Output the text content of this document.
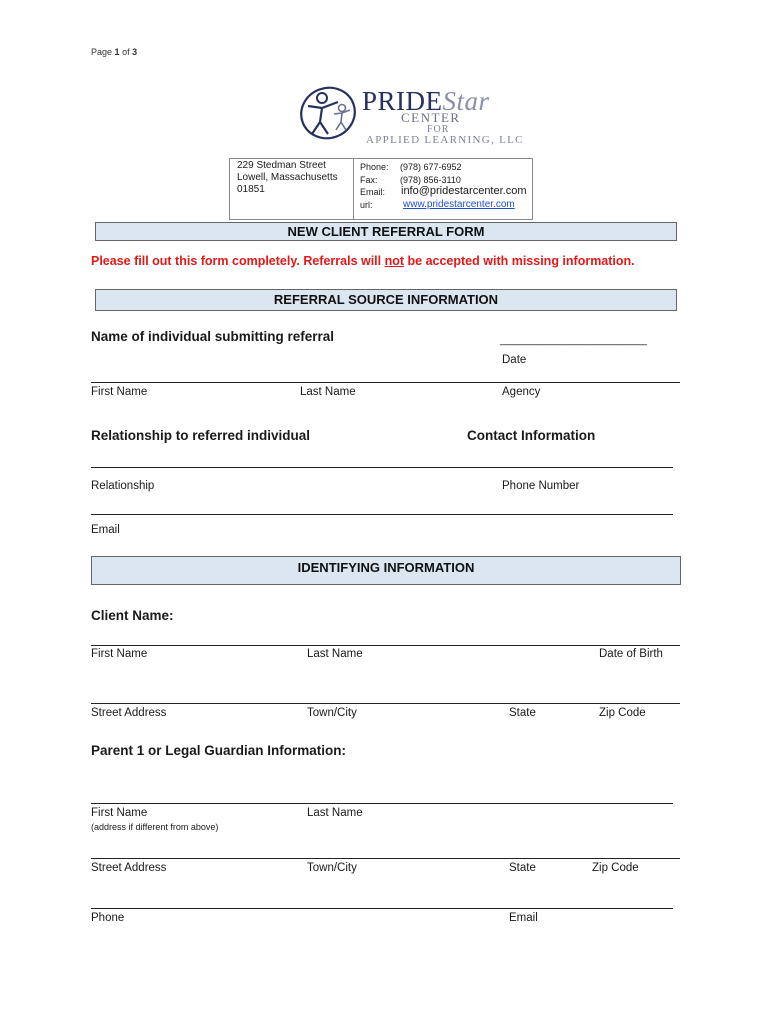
Page 1 of 3
PRIDEStar
CENTER
FOR
APPLIED LEARNING, LLC
229 Stedman Street
Lowell, Massachusetts
01851
Phone: (978) 677-6952
Fax: (978) 856-3110
Email: info@pridestarcenter.com
url:	www.pridestarcenter.com
NEW CLIENT REFERRAL FORM
Please fill out this form completely. Referrals will not be accepted with missing information.
REFERRAL SOURCE INFORMATION
Name of individual submitting referral	________________________
Date
First Name	Last Name	Agency
Relationship to referred individual	Contact Information
Relationship	Phone Number
Email
IDENTIFYING INFORMATION
Client Name:
First Name	Last Name	Date of Birth
Street Address	Town/City	State	Zip Code
Parent 1 or Legal Guardian Information:
First Name	Last Name
(address if different from above)
Street Address	Town/City	State	Zip Code
Phone	Email
